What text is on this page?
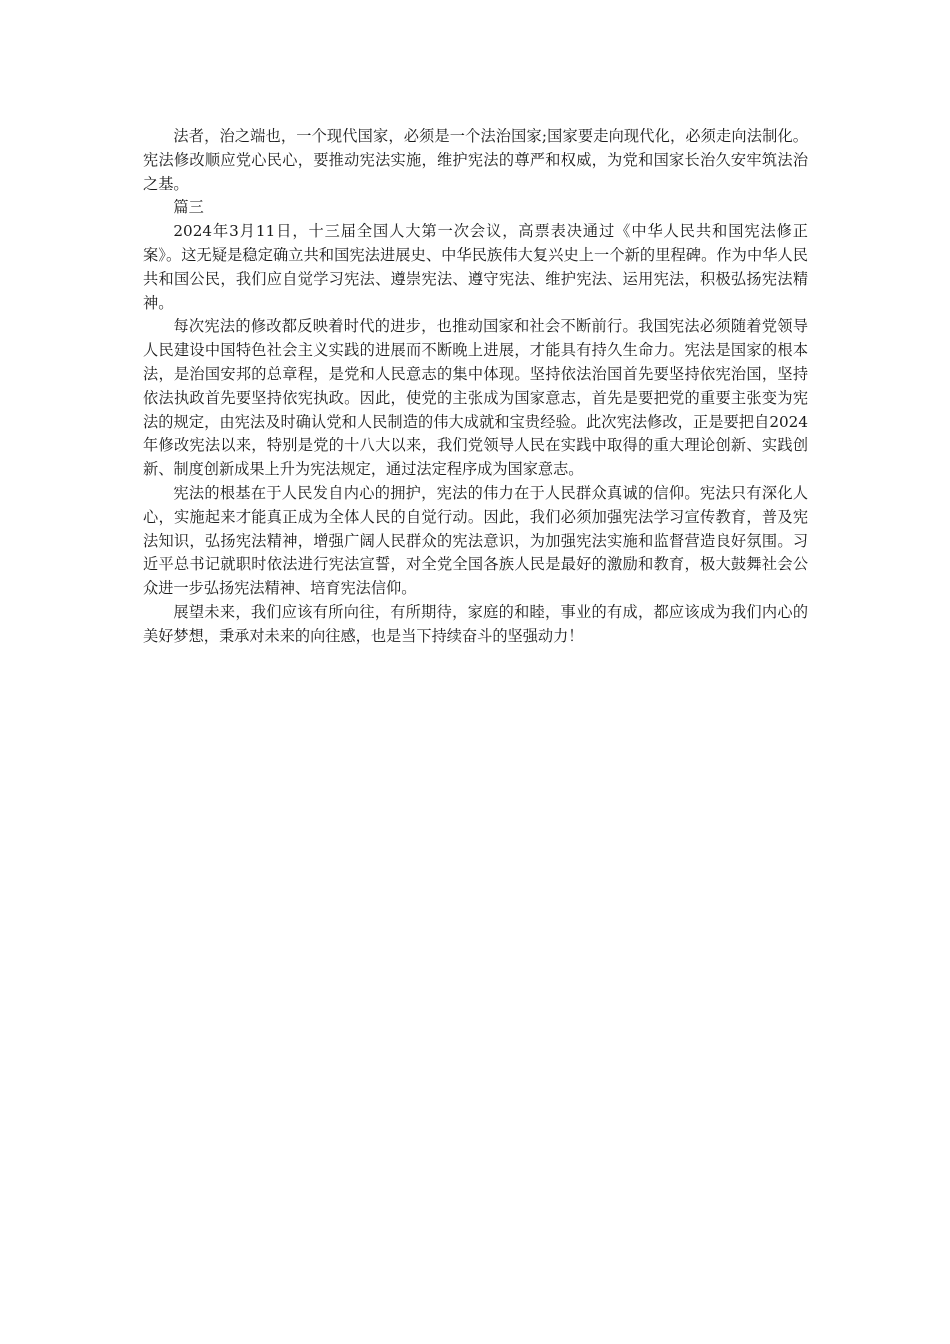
法者，治之端也，一个现代国家，必须是一个法治国家;国家要走向现代化，必须走向法制化。宪法修改顺应党心民心，要推动宪法实施，维护宪法的尊严和权威，为党和国家长治久安牢筑法治之基。

篇三

2024年3月11日，十三届全国人大第一次会议，高票表决通过《中华人民共和国宪法修正案》。这无疑是稳定确立共和国宪法进展史、中华民族伟大复兴史上一个新的里程碑。作为中华人民共和国公民，我们应自觉学习宪法、遵崇宪法、遵守宪法、维护宪法、运用宪法，积极弘扬宪法精神。

每次宪法的修改都反映着时代的进步，也推动国家和社会不断前行。我国宪法必须随着党领导人民建设中国特色社会主义实践的进展而不断晚上进展，才能具有持久生命力。宪法是国家的根本法，是治国安邦的总章程，是党和人民意志的集中体现。坚持依法治国首先要坚持依宪治国，坚持依法执政首先要坚持依宪执政。因此，使党的主张成为国家意志，首先是要把党的重要主张变为宪法的规定，由宪法及时确认党和人民制造的伟大成就和宝贵经验。此次宪法修改，正是要把自2024年修改宪法以来，特别是党的十八大以来，我们党领导人民在实践中取得的重大理论创新、实践创新、制度创新成果上升为宪法规定，通过法定程序成为国家意志。

宪法的根基在于人民发自内心的拥护，宪法的伟力在于人民群众真诚的信仰。宪法只有深化人心，实施起来才能真正成为全体人民的自觉行动。因此，我们必须加强宪法学习宣传教育，普及宪法知识，弘扬宪法精神，增强广阔人民群众的宪法意识，为加强宪法实施和监督营造良好氛围。习近平总书记就职时依法进行宪法宣誓，对全党全国各族人民是最好的激励和教育，极大鼓舞社会公众进一步弘扬宪法精神、培育宪法信仰。

展望未来，我们应该有所向往，有所期待，家庭的和睦，事业的有成，都应该成为我们内心的美好梦想，秉承对未来的向往感，也是当下持续奋斗的坚强动力！
